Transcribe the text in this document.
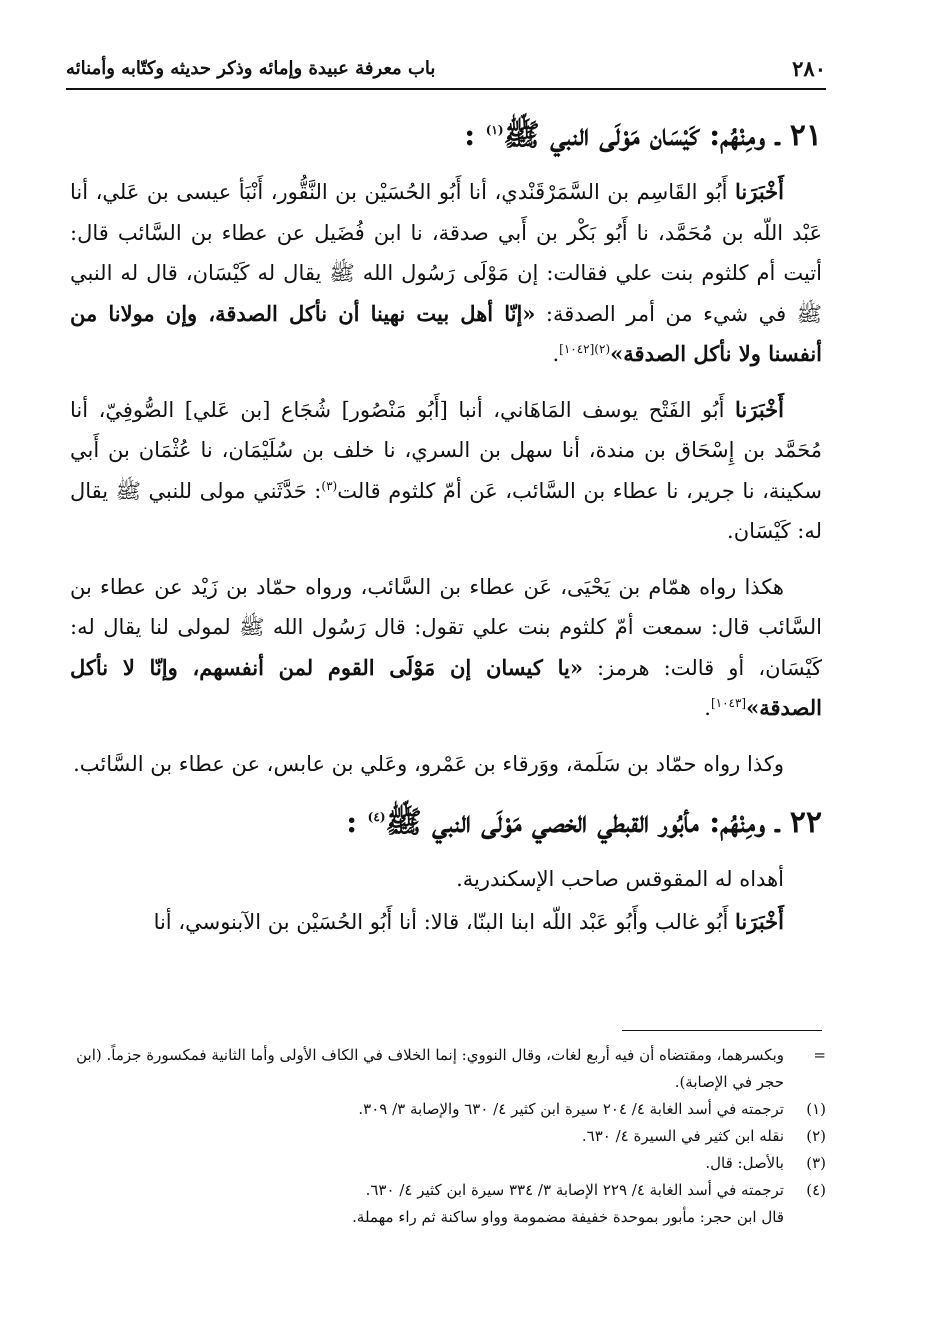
٢٨٠
باب معرفة عبيدة وإمائه وذكر حديثه وكتّابه وأمنائه
٢١ ـ ومِنْهُم: كَيْسَان مَوْلَى النبي ﷺ$^{(١)}$ :

أَخْبَرَنا أَبُو القَاسِم بن السَّمَرْقَنْدي، أنا أَبُو الحُسَيْن بن النَّقُّور، أَنْبَأ عيسى بن عَلي، أنا عَبْد اللّه بن مُحَمَّد، نا أَبُو بَكْر بن أَبي صدقة، نا ابن فُضَيل عن عطاء بن السَّائب قال: أتيت أم كلثوم بنت علي فقالت: إن مَوْلَى رَسُول الله ﷺ يقال له كَيْسَان، قال له النبي ﷺ في شيء من أمر الصدقة: «إنّا أهل بيت نهينا أن نأكل الصدقة، وإن مولانا من أنفسنا ولا نأكل الصدقة»$^{(٢)[١٠٤٢]}$.

أَخْبَرَنا أَبُو الفَتْح يوسف المَاهَاني، أنبا [أَبُو مَنْصُور] شُجَاع [بن عَلي] الصُّوفِيّ، أنا مُحَمَّد بن إِسْحَاق بن مندة، أنا سهل بن السري، نا خلف بن سُلَيْمَان، نا عُثْمَان بن أَبي سكينة، نا جرير، نا عطاء بن السَّائب، عَن أمّ كلثوم قالت$^{(٣)}$: حَدَّثَني مولى للنبي ﷺ يقال له: كَيْسَان.

هكذا رواه همّام بن يَحْيَى، عَن عطاء بن السَّائب، ورواه حمّاد بن زَيْد عن عطاء بن السَّائب قال: سمعت أمّ كلثوم بنت علي تقول: قال رَسُول الله ﷺ لمولى لنا يقال له: كَيْسَان، أو قالت: هرمز: «يا كيسان إن مَوْلَى القوم لمن أنفسهم، وإنّا لا نأكل الصدقة»[١٠٤٣].

وكذا رواه حمّاد بن سَلَمة، ووَرقاء بن عَمْرو، وعَلي بن عابس، عن عطاء بن السَّائب.

٢٢ ـ ومِنْهُم: مأبُور القبطي الخصي مَوْلَى النبي ﷺ$^{(٤)}$ :

أهداه له المقوقس صاحب الإسكندرية.

أَخْبَرَنا أَبُو غالب وأَبُو عَبْد اللّه ابنا البنّا، قالا: أنا أَبُو الحُسَيْن بن الآبنوسي، أنا

=
وبكسرهما، ومقتضاه أن فيه أربع لغات، وقال النووي: إنما الخلاف في الكاف الأولى وأما الثانية فمكسورة جزماً. (ابن حجر في الإصابة).
(١)
ترجمته في أسد الغابة ٤/ ٢٠٤ سيرة ابن كثير ٤/ ٦٣٠ والإصابة ٣/ ٣٠٩.
(٢)
نقله ابن كثير في السيرة ٤/ ٦٣٠.
(٣)
بالأصل: قال.
(٤)
ترجمته في أسد الغابة ٤/ ٢٢٩ الإصابة ٣/ ٣٣٤ سيرة ابن كثير ٤/ ٦٣٠.
قال ابن حجر: مأبور بموحدة خفيفة مضمومة وواو ساكنة ثم راء مهملة.
